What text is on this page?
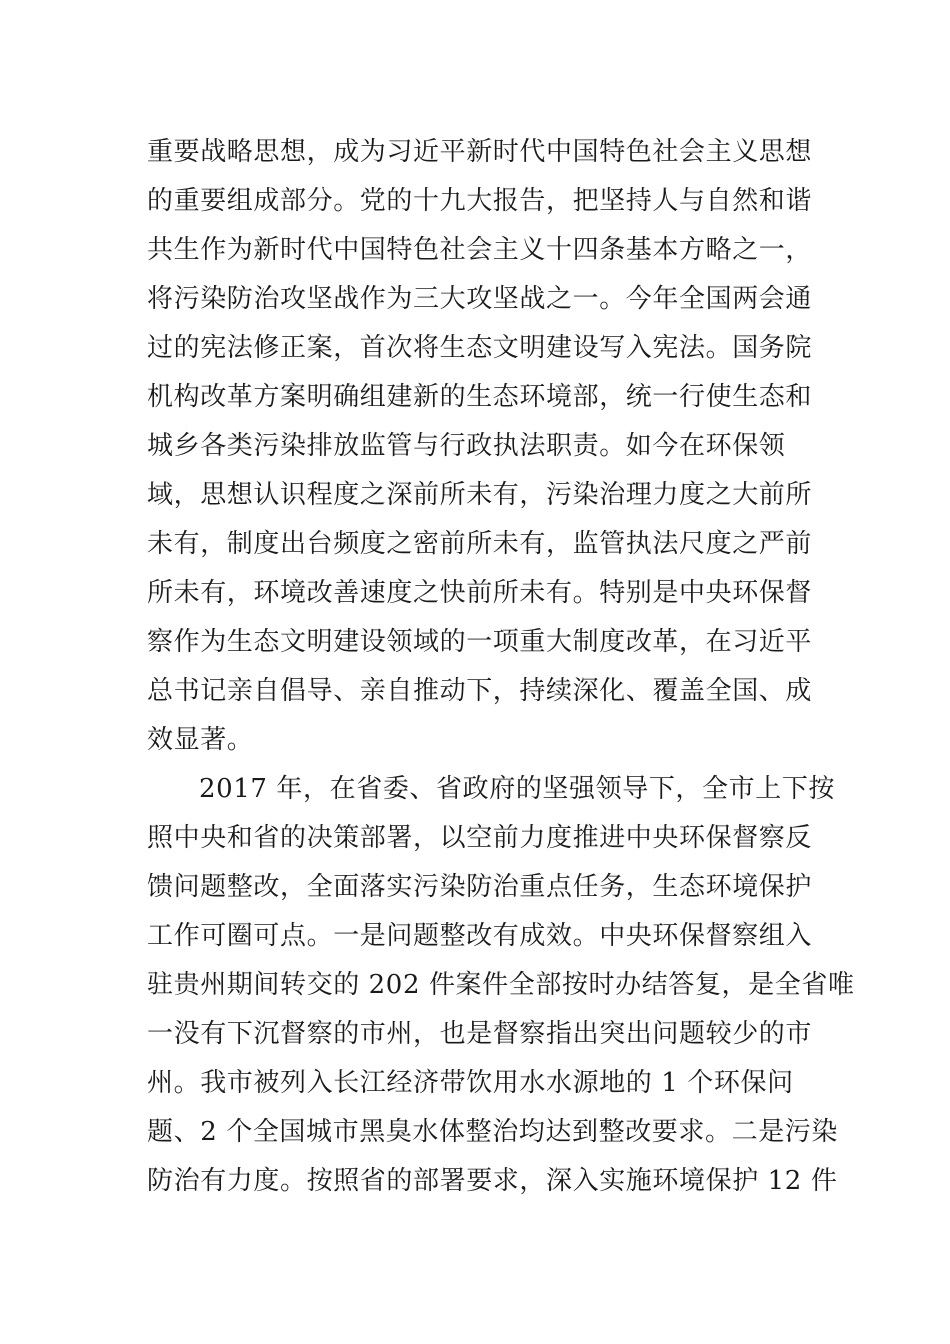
重要战略思想，成为习近平新时代中国特色社会主义思想
的重要组成部分。党的十九大报告，把坚持人与自然和谐
共生作为新时代中国特色社会主义十四条基本方略之一，
将污染防治攻坚战作为三大攻坚战之一。今年全国两会通
过的宪法修正案，首次将生态文明建设写入宪法。国务院
机构改革方案明确组建新的生态环境部，统一行使生态和
城乡各类污染排放监管与行政执法职责。如今在环保领
域，思想认识程度之深前所未有，污染治理力度之大前所
未有，制度出台频度之密前所未有，监管执法尺度之严前
所未有，环境改善速度之快前所未有。特别是中央环保督
察作为生态文明建设领域的一项重大制度改革，在习近平
总书记亲自倡导、亲自推动下，持续深化、覆盖全国、成
效显著。
2017 年，在省委、省政府的坚强领导下，全市上下按
照中央和省的决策部署，以空前力度推进中央环保督察反
馈问题整改，全面落实污染防治重点任务，生态环境保护
工作可圈可点。一是问题整改有成效。中央环保督察组入
驻贵州期间转交的 202 件案件全部按时办结答复，是全省唯
一没有下沉督察的市州，也是督察指出突出问题较少的市
州。我市被列入长江经济带饮用水水源地的 1 个环保问
题、2 个全国城市黑臭水体整治均达到整改要求。二是污染
防治有力度。按照省的部署要求，深入实施环境保护 12 件
